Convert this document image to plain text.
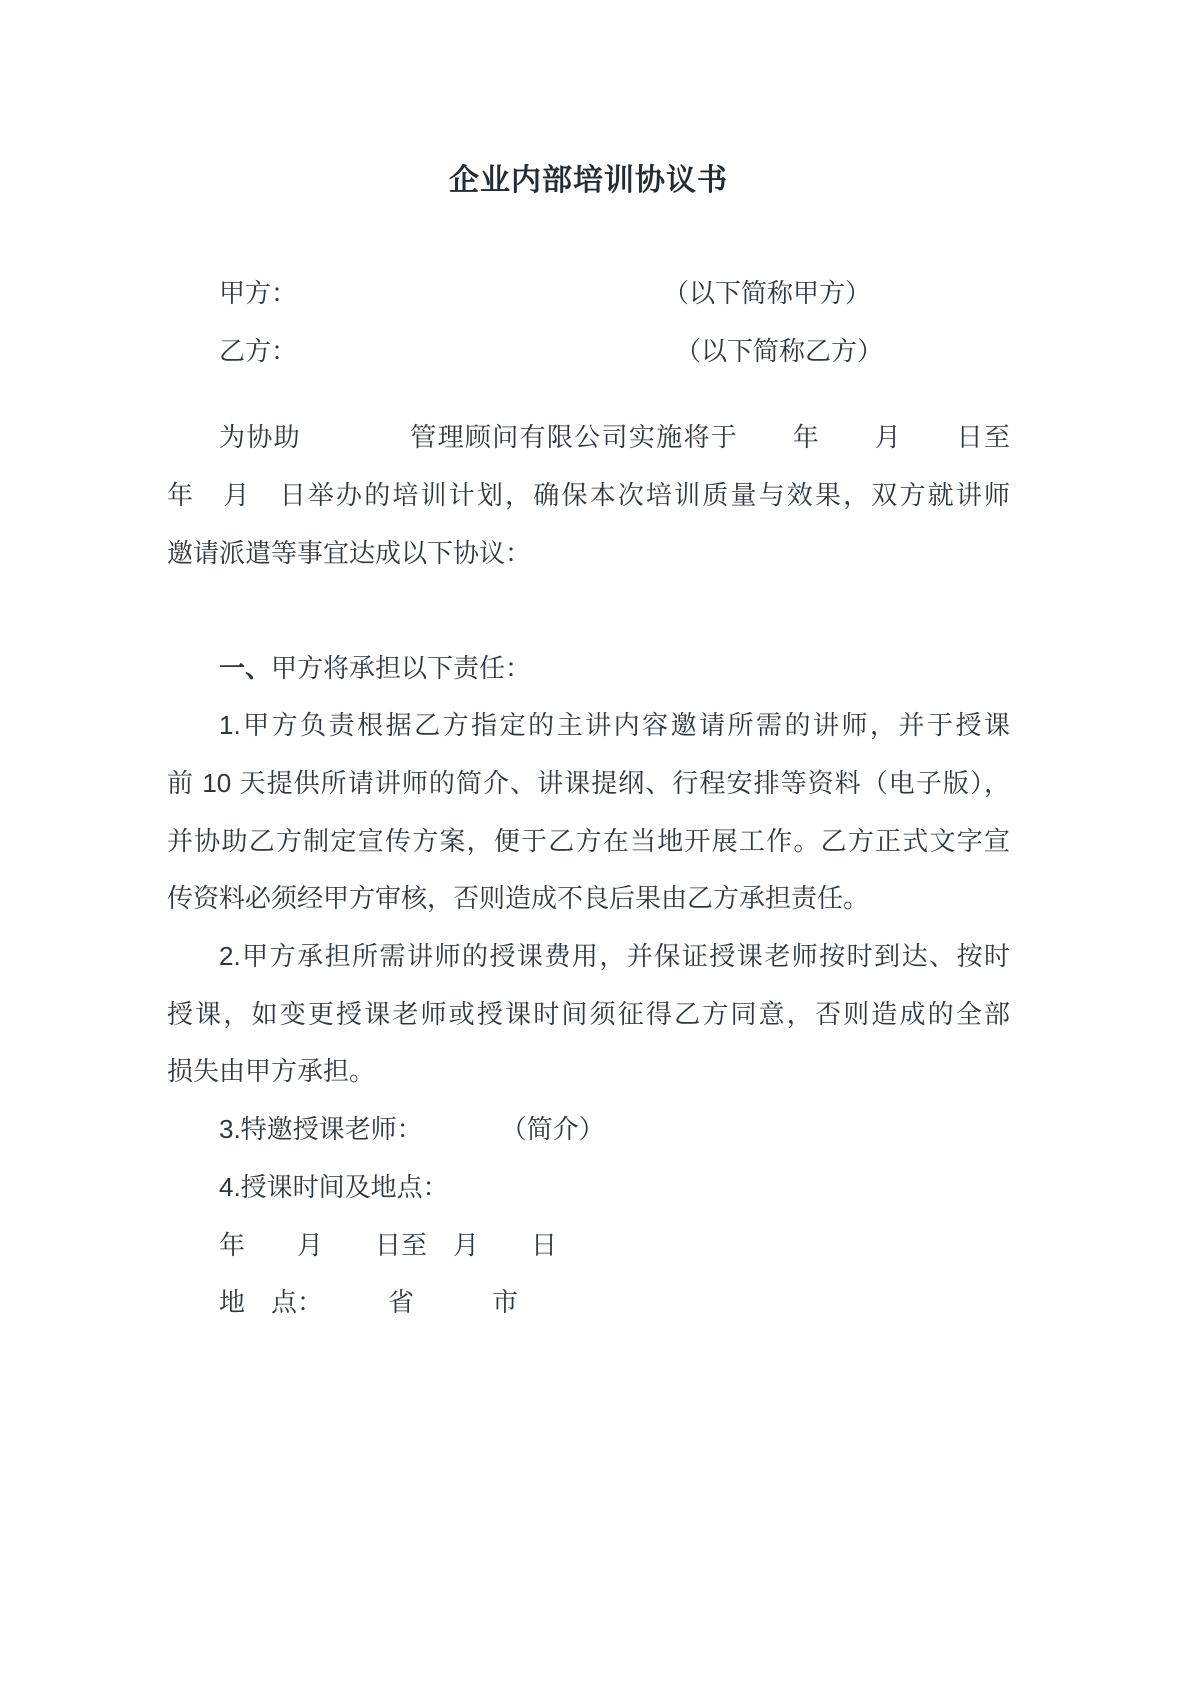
企业内部培训协议书
甲方：	（以下简称甲方）
乙方：	（以下简称乙方）
为协助　　　　管理顾问有限公司实施将于　　年　　月　　日至
年　月　日举办的培训计划，确保本次培训质量与效果，双方就讲师
邀请派遣等事宜达成以下协议：
一、甲方将承担以下责任：
1.甲方负责根据乙方指定的主讲内容邀请所需的讲师，并于授课
前 10 天提供所请讲师的简介、讲课提纲、行程安排等资料（电子版），
并协助乙方制定宣传方案，便于乙方在当地开展工作。乙方正式文字宣
传资料必须经甲方审核，否则造成不良后果由乙方承担责任。
2.甲方承担所需讲师的授课费用，并保证授课老师按时到达、按时
授课，如变更授课老师或授课时间须征得乙方同意，否则造成的全部
损失由甲方承担。
3.特邀授课老师：　　　　（简介）
4.授课时间及地点：
年　　月　　日至　月　　日
地　点：　　　省　　　市
